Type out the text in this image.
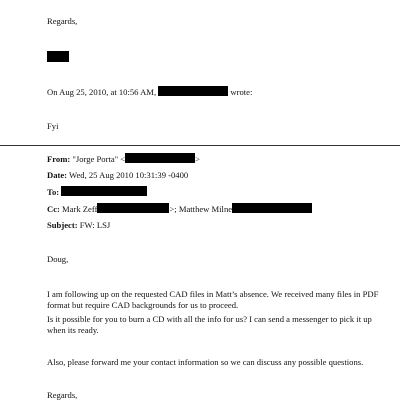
Regards,
On Aug 25, 2010, at 10:56 AM,	wrote:
Fyi
From: "Jorge Porta" <	>
Date: Wed, 25 Aug 2010 10:31:39 -0400
To:
Cc: Mark Zeff	>; Matthew Milne
Subject: FW: LSJ
Doug,
I am following up on the requested CAD files in Matt’s absence. We received many files in PDF format but require CAD backgrounds for us to proceed.
Is it possible for you to burn a CD with all the info for us? I can send a messenger to pick it up when its ready.
Also, please forward me your contact information so we can discuss any possible questions.
Regards,
